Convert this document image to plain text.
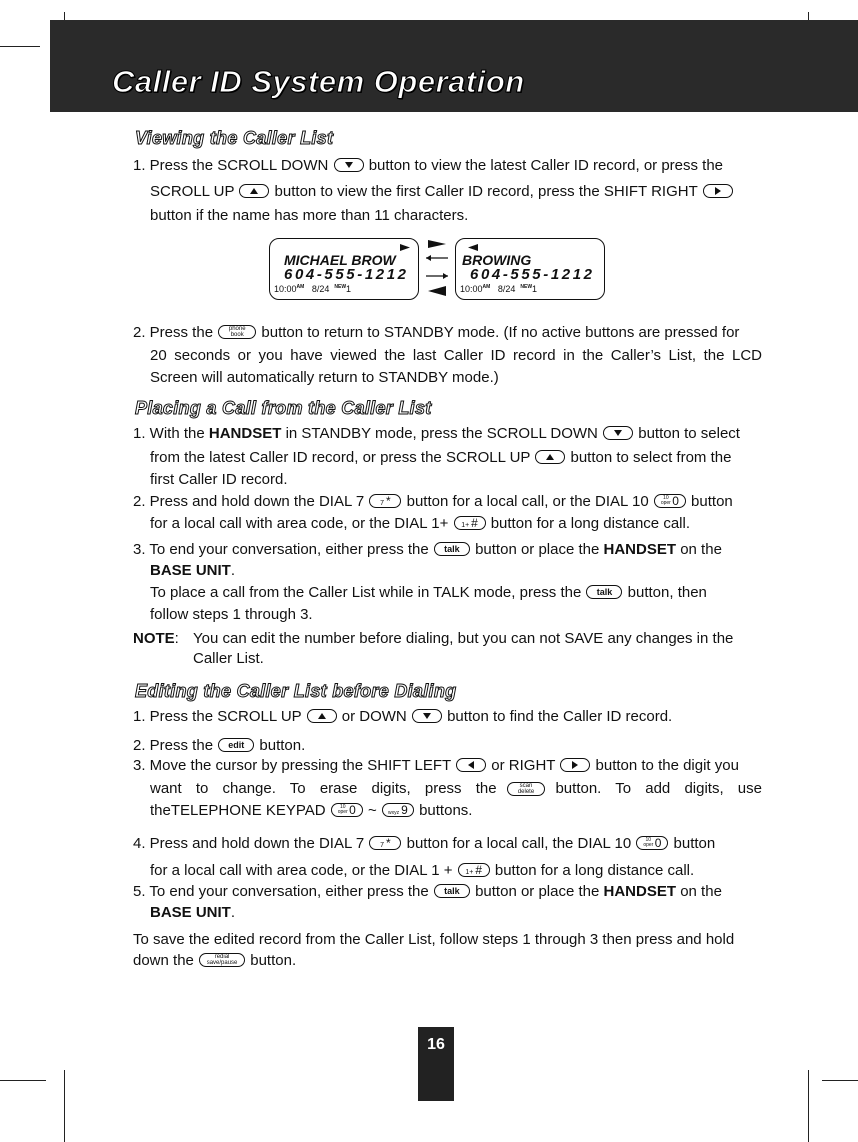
Caller ID System Operation
Viewing the Caller List
1. Press the SCROLL DOWN	button to view the latest Caller ID record, or press the
SCROLL UP	button to view the first Caller ID record, press the SHIFT RIGHT
button if the name has more than 11 characters.
MICHAEL BROW
604-555-1212
$10:00^{AM}$ 8/24 $^{NEW}$1
BROWING
604-555-1212
$10:00^{AM}$ 8/24 $^{NEW}$1
2. Press the	phone
book button to return to STANDBY mode. (If no active buttons are pressed for
20 seconds or you have viewed the last Caller ID record in the Caller’s List, the LCD
Screen will automatically return to STANDBY mode.)
Placing a Call from the Caller List
1. With the HANDSET in STANDBY mode, press the SCROLL DOWN	button to select
from the latest Caller ID record, or press the SCROLL UP	button to select from the
first Caller ID record.
2. Press and hold down the DIAL 7 7 * button for a local call, or the DIAL 10	10
oper 0 button
for a local call with area code, or the DIAL 1+ 1+ # button for a long distance call.
3. To end your conversation, either press the talk button or place the HANDSET on the
BASE UNIT.
To place a call from the Caller List while in TALK mode, press the talk button, then
follow steps 1 through 3.
NOTE: You can edit the number before dialing, but you can not SAVE any changes in the
Caller List.
Editing the Caller List before Dialing
1. Press the SCROLL UP	or DOWN	button to find the Caller ID record.
2. Press the edit button.
3. Move the cursor by pressing the SHIFT LEFT	or RIGHT	button to the digit you
want to change. To erase digits, press the	scan
delete	button. To add digits, use
theTELEPHONE KEYPAD	10
oper 0 ~ wxyz 9 buttons.
4. Press and hold down the DIAL 7 7 * button for a local call, the DIAL 10	10
oper 0 button
for a local call with area code, or the DIAL 1 + 1+ # button for a long distance call.
5. To end your conversation, either press the talk button or place the HANDSET on the
BASE UNIT.
To save the edited record from the Caller List, follow steps 1 through 3 then press and hold
down the	redial
save/pause button.
16
